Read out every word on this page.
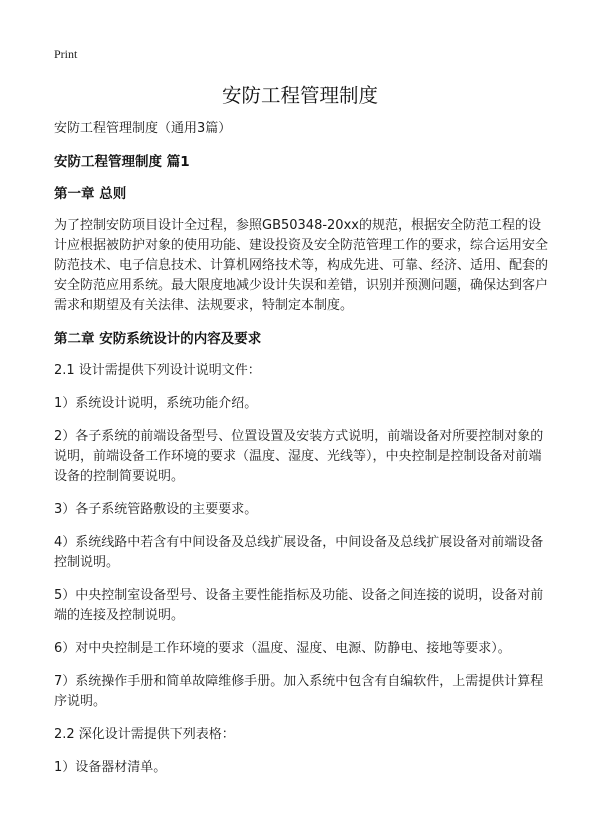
Print
安防工程管理制度

安防工程管理制度（通用3篇）

安防工程管理制度 篇1

第一章 总则

为了控制安防项目设计全过程，参照GB50348-20xx的规范，根据安全防范工程的设计应根据被防护对象的使用功能、建设投资及安全防范管理工作的要求，综合运用安全防范技术、电子信息技术、计算机网络技术等，构成先进、可靠、经济、适用、配套的安全防范应用系统。最大限度地减少设计失误和差错，识别并预测问题，确保达到客户需求和期望及有关法律、法规要求，特制定本制度。

第二章 安防系统设计的内容及要求

2.1 设计需提供下列设计说明文件：

1）系统设计说明，系统功能介绍。

2）各子系统的前端设备型号、位置设置及安装方式说明，前端设备对所要控制对象的说明，前端设备工作环境的要求（温度、湿度、光线等），中央控制是控制设备对前端设备的控制简要说明。

3）各子系统管路敷设的主要要求。

4）系统线路中若含有中间设备及总线扩展设备，中间设备及总线扩展设备对前端设备控制说明。

5）中央控制室设备型号、设备主要性能指标及功能、设备之间连接的说明，设备对前端的连接及控制说明。

6）对中央控制是工作环境的要求（温度、湿度、电源、防静电、接地等要求）。

7）系统操作手册和简单故障维修手册。加入系统中包含有自编软件，上需提供计算程序说明。

2.2 深化设计需提供下列表格：

1）设备器材清单。
